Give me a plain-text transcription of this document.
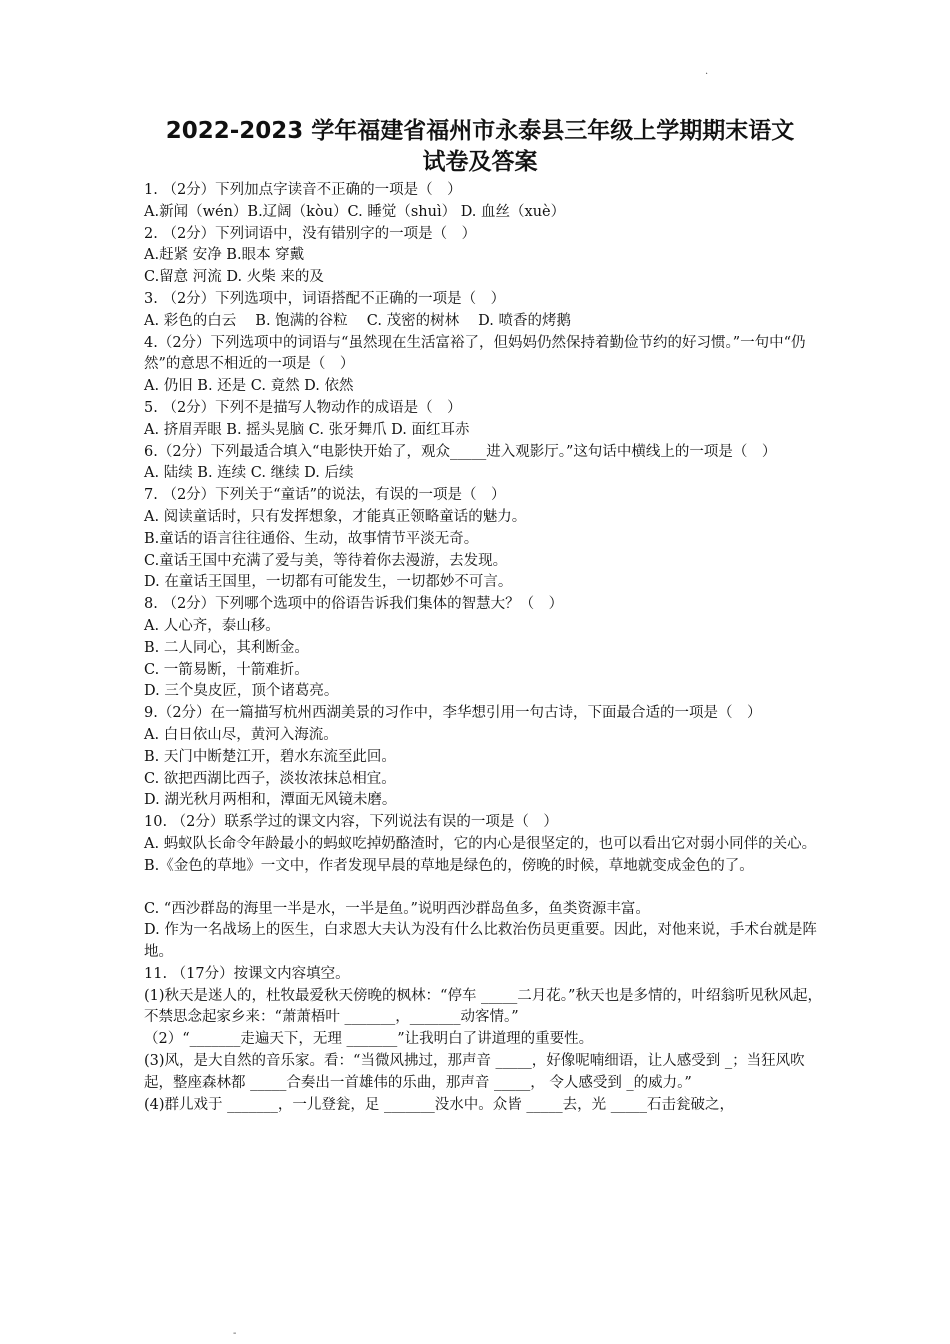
.
2022-2023 学年福建省福州市永泰县三年级上学期期末语文
试卷及答案
1. （2分）下列加点字读音不正确的一项是（　）
A.新闻（wén）B.辽阔（kòu）C. 睡觉（shuì） D. 血丝（xuè）
2. （2分）下列词语中，没有错别字的一项是（　）
A.赶紧 安净 B.眼本 穿戴
C.留意 河流 D. 火柴 来的及
3. （2分）下列选项中，词语搭配不正确的一项是（　）
A. 彩色的白云　 B. 饱满的谷粒　 C. 茂密的树林　 D. 喷香的烤鹅
4.（2分）下列选项中的词语与“虽然现在生活富裕了，但妈妈仍然保持着勤俭节约的好习惯。”一句中“仍然”的意思不相近的一项是（　）
A. 仍旧 B. 还是 C. 竟然 D. 依然
5. （2分）下列不是描写人物动作的成语是（　）
A. 挤眉弄眼 B. 摇头晃脑 C. 张牙舞爪 D. 面红耳赤
6.（2分）下列最适合填入“电影快开始了，观众_____进入观影厅。”这句话中横线上的一项是（　）
A. 陆续 B. 连续 C. 继续 D. 后续
7. （2分）下列关于“童话”的说法，有误的一项是（　）
A. 阅读童话时，只有发挥想象，才能真正领略童话的魅力。
B.童话的语言往往通俗、生动，故事情节平淡无奇。
C.童话王国中充满了爱与美，等待着你去漫游，去发现。
D. 在童话王国里，一切都有可能发生，一切都妙不可言。
8. （2分）下列哪个选项中的俗语告诉我们集体的智慧大？（　）
A. 人心齐，泰山移。
B. 二人同心，其利断金。
C. 一箭易断，十箭难折。
D. 三个臭皮匠，顶个诸葛亮。
9.（2分）在一篇描写杭州西湖美景的习作中，李华想引用一句古诗，下面最合适的一项是（　）
A. 白日依山尽，黄河入海流。
B. 天门中断楚江开，碧水东流至此回。
C. 欲把西湖比西子，淡妆浓抹总相宜。
D. 湖光秋月两相和，潭面无风镜未磨。
10. （2分）联系学过的课文内容，下列说法有误的一项是（　）
A. 蚂蚁队长命令年龄最小的蚂蚁吃掉奶酪渣时，它的内心是很坚定的，也可以看出它对弱小同伴的关心。
B.《金色的草地》一文中，作者发现早晨的草地是绿色的，傍晚的时候，草地就变成金色的了。
C. “西沙群岛的海里一半是水，一半是鱼。”说明西沙群岛鱼多，鱼类资源丰富。
D. 作为一名战场上的医生，白求恩大夫认为没有什么比救治伤员更重要。因此，对他来说，手术台就是阵地。
11. （17分）按课文内容填空。
(1)秋天是迷人的，杜牧最爱秋天傍晚的枫林：“停车 _____二月花。”秋天也是多情的，叶绍翁听见秋风起，不禁思念起家乡来：“萧萧梧叶 _______，_______动客情。”
（2）“_______走遍天下，无理 _______”让我明白了讲道理的重要性。
(3)风，是大自然的音乐家。看：“当微风拂过，那声音 _____，好像呢喃细语，让人感受到 _；当狂风吹起，整座森林都 _____合奏出一首雄伟的乐曲，那声音 _____， 令人感受到 _的威力。”
(4)群儿戏于 _______，一儿登瓮，足 _______没水中。众皆 _____去，光 _____石击瓮破之，
-
